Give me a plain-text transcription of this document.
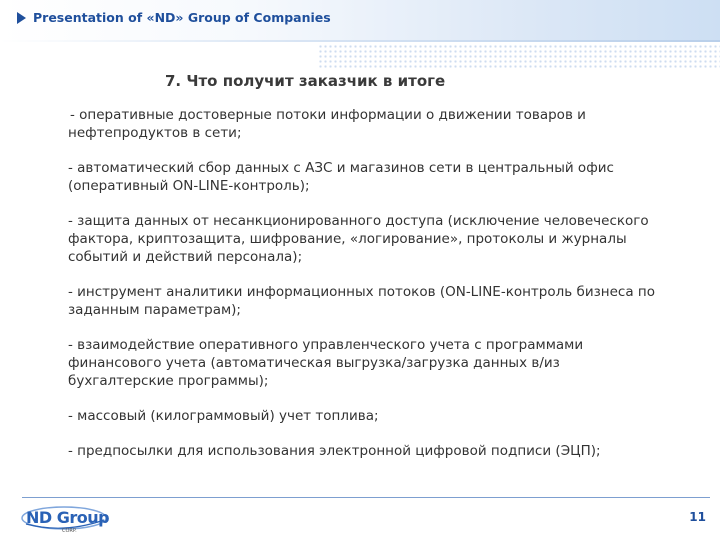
Presentation of «ND» Group of Companies
7. Что получит заказчик в итоге

- оперативные достоверные потоки информации о движении товаров и нефтепродуктов в сети;

- автоматический сбор данных с АЗС и магазинов сети в центральный офис (оперативный ON-LINE-контроль);

- защита данных от несанкционированного доступа (исключение человеческого фактора, криптозащита, шифрование, «логирование», протоколы и журналы событий и действий персонала);

- инструмент аналитики информационных потоков (ON-LINE-контроль бизнеса по заданным параметрам);

- взаимодействие оперативного управленческого учета с программами финансового учета (автоматическая выгрузка/загрузка данных в/из бухгалтерские программы);

- массовый (килограммовый) учет топлива;

- предпосылки для использования электронной цифровой подписи (ЭЦП);

ND Group
CORP.
11
